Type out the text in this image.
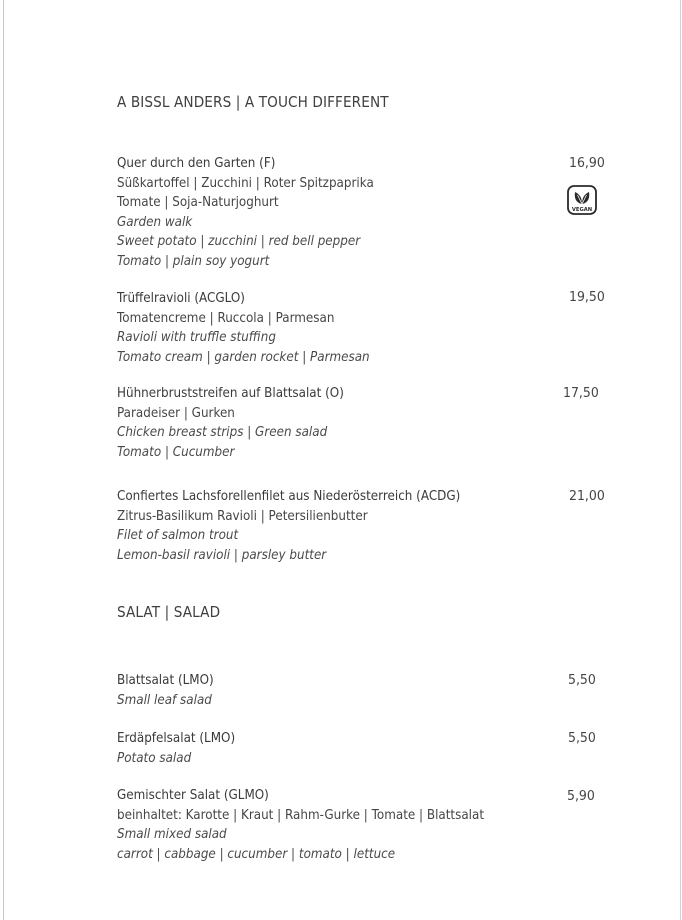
A BISSL ANDERS | A TOUCH DIFFERENT
Quer durch den Garten (F)
Süßkartoffel | Zucchini | Roter Spitzpaprika
Tomate | Soja-Naturjoghurt
Garden walk
Sweet potato | zucchini | red bell pepper
Tomato | plain soy yogurt
16,90
VEGAN
Trüffelravioli (ACGLO)
Tomatencreme | Ruccola | Parmesan
Ravioli with truffle stuffing
Tomato cream | garden rocket | Parmesan
19,50
Hühnerbruststreifen auf Blattsalat (O)
Paradeiser | Gurken
Chicken breast strips | Green salad
Tomato | Cucumber
17,50
Confiertes Lachsforellenfilet aus Niederösterreich (ACDG)
Zitrus-Basilikum Ravioli | Petersilienbutter
Filet of salmon trout
Lemon-basil ravioli | parsley butter
21,00
SALAT | SALAD
Blattsalat (LMO)
Small leaf salad
5,50
Erdäpfelsalat (LMO)
Potato salad
5,50
Gemischter Salat (GLMO)
beinhaltet: Karotte | Kraut | Rahm-Gurke | Tomate | Blattsalat
Small mixed salad
carrot | cabbage | cucumber | tomato | lettuce
5,90
